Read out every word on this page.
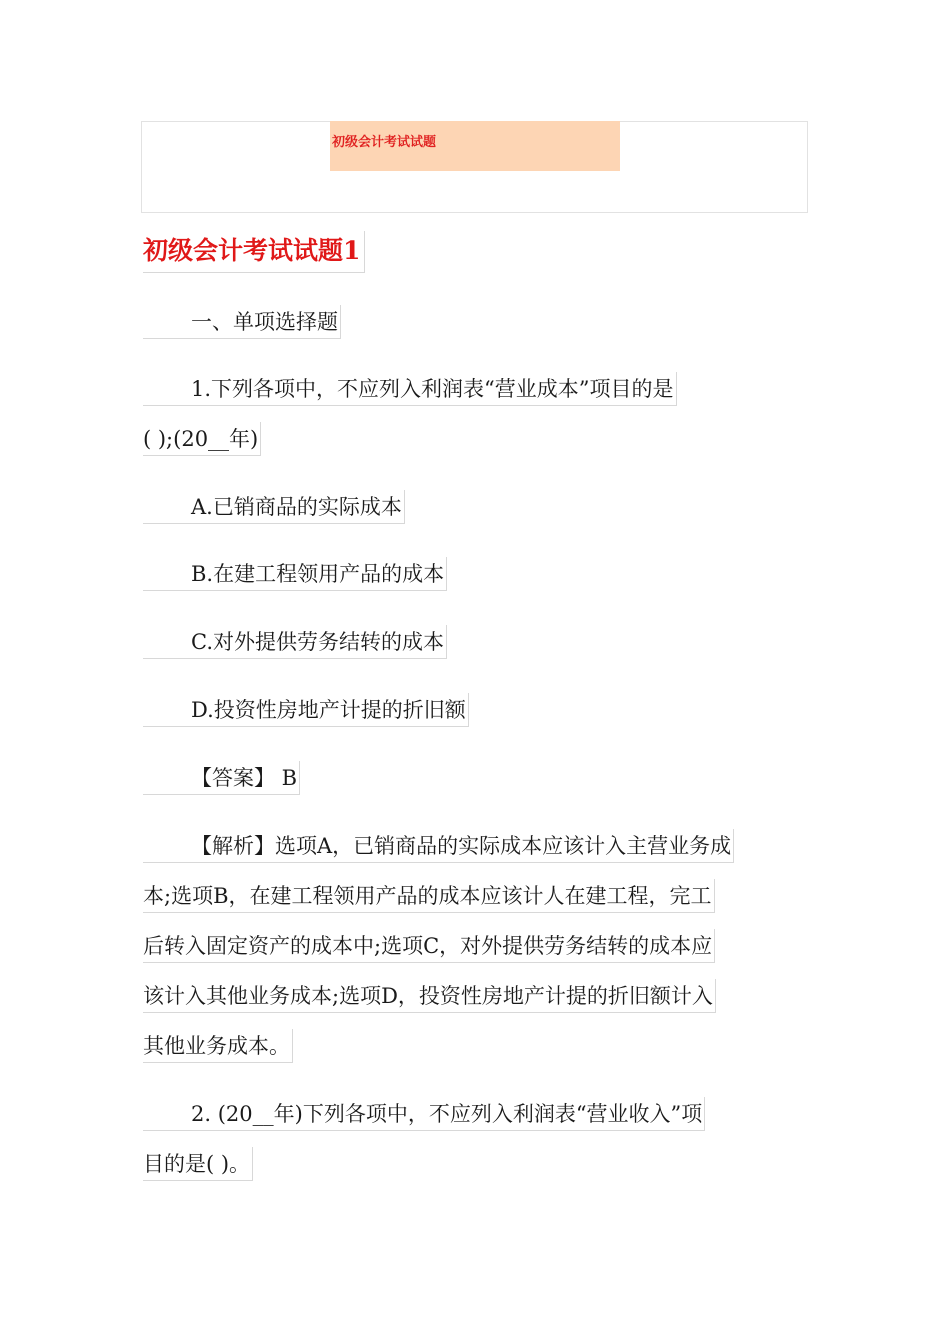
初级会计考试试题
初级会计考试试题1
一、单项选择题
1.下列各项中，不应列入利润表“营业成本”项目的是
( );(20__年)
A.已销商品的实际成本
B.在建工程领用产品的成本
C.对外提供劳务结转的成本
D.投资性房地产计提的折旧额
【答案】 B
【解析】选项A，已销商品的实际成本应该计入主营业务成
本;选项B，在建工程领用产品的成本应该计人在建工程，完工
后转入固定资产的成本中;选项C，对外提供劳务结转的成本应
该计入其他业务成本;选项D，投资性房地产计提的折旧额计入
其他业务成本。
2. (20__年)下列各项中，不应列入利润表“营业收入”项
目的是( )。
